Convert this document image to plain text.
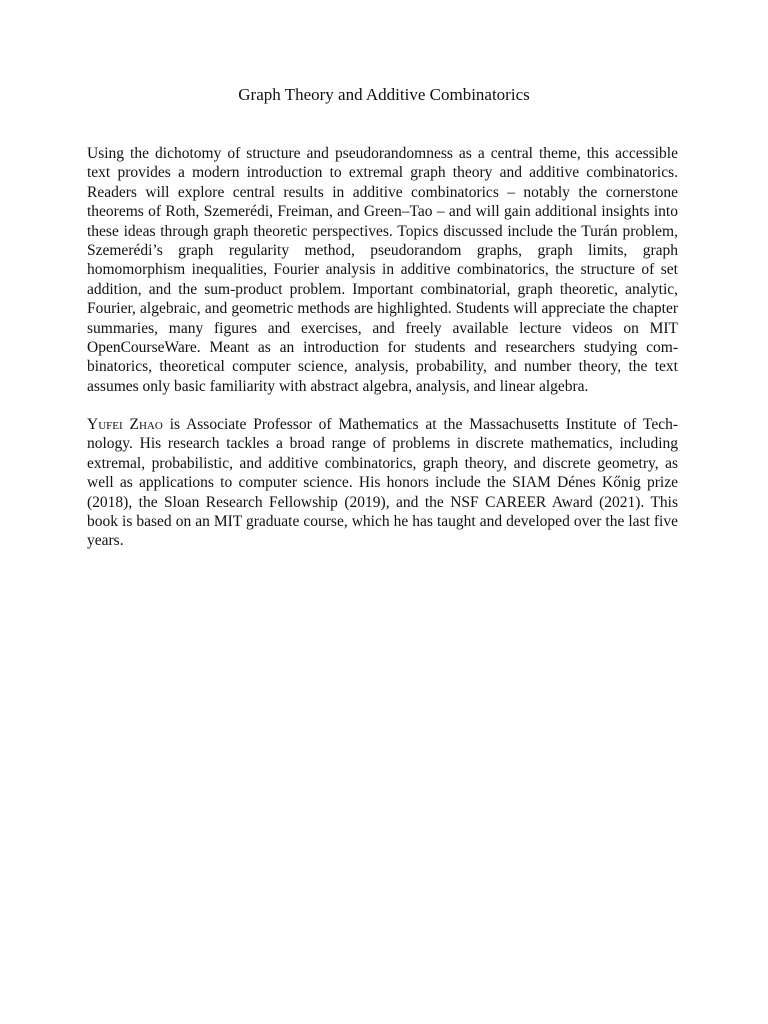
Graph Theory and Additive Combinatorics

Using the dichotomy of structure and pseudorandomness as a central theme, this accessible text provides a modern introduction to extremal graph theory and additive combinatorics. Readers will explore central results in additive combinatorics – notably the cornerstone theorems of Roth, Szemerédi, Freiman, and Green–Tao – and will gain additional insights into these ideas through graph theoretic perspectives. Topics discussed include the Turán problem, Szemerédi’s graph regularity method, pseudorandom graphs, graph limits, graph homomorphism inequalities, Fourier analysis in additive combinatorics, the structure of set addition, and the sum-product problem. Important combinatorial, graph theoretic, analytic, Fourier, algebraic, and geometric methods are highlighted. Students will appreciate the chapter summaries, many figures and exercises, and freely available lecture videos on MIT OpenCourseWare. Meant as an introduction for students and researchers studying combinatorics, theoretical computer science, analysis, probability, and number theory, the text assumes only basic familiarity with abstract algebra, analysis, and linear algebra.

Yufei Zhao is Associate Professor of Mathematics at the Massachusetts Institute of Technology. His research tackles a broad range of problems in discrete mathematics, including extremal, probabilistic, and additive combinatorics, graph theory, and discrete geometry, as well as applications to computer science. His honors include the SIAM Dénes Kőnig prize (2018), the Sloan Research Fellowship (2019), and the NSF CAREER Award (2021). This book is based on an MIT graduate course, which he has taught and developed over the last five years.
